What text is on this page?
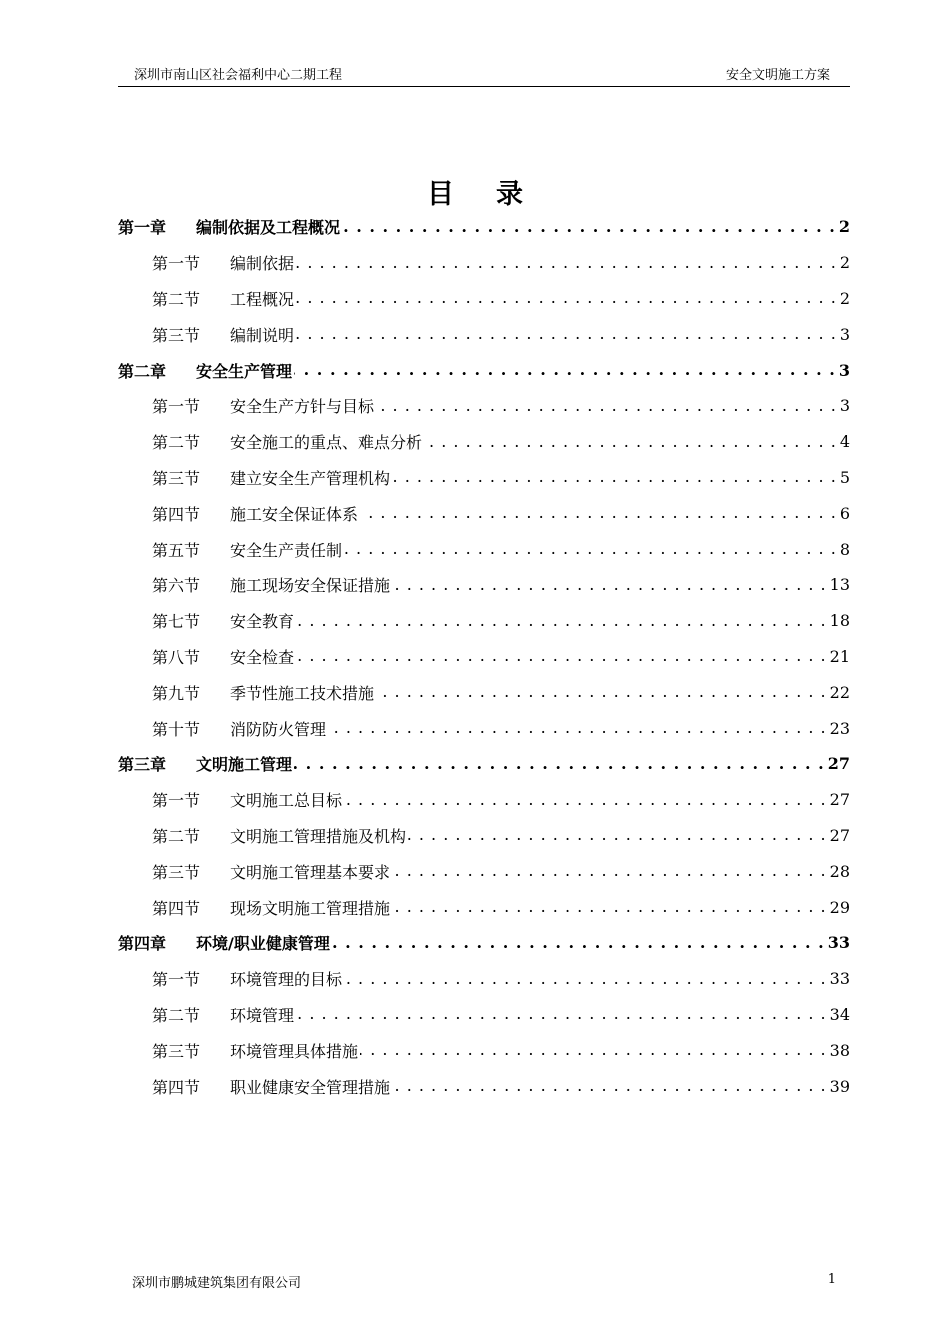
深圳市南山区社会福利中心二期工程	安全文明施工方案
目录
第一章	编制依据及工程概况 . . .	2
第一节	编制依据 . . .	2
第二节	工程概况 . . .	2
第三节	编制说明 . . .	3
第二章	安全生产管理 . . .	3
第一节	安全生产方针与目标 . . .	3
第二节	安全施工的重点、难点分析 . . .	4
第三节	建立安全生产管理机构 . . .	5
第四节	施工安全保证体系 . . .	6
第五节	安全生产责任制 . . .	8
第六节	施工现场安全保证措施 . . .	13
第七节	安全教育 . . .	18
第八节	安全检查 . . .	21
第九节	季节性施工技术措施 . . .	22
第十节	消防防火管理 . . .	23
第三章	文明施工管理 . . .	27
第一节	文明施工总目标 . . .	27
第二节	文明施工管理措施及机构 . . .	27
第三节	文明施工管理基本要求 . . .	28
第四节	现场文明施工管理措施 . . .	29
第四章	环境/职业健康管理 . . .	33
第一节	环境管理的目标 . . .	33
第二节	环境管理 . . .	34
第三节	环境管理具体措施 . . .	38
第四节	职业健康安全管理措施 . . .	39
深圳市鹏城建筑集团有限公司	1
